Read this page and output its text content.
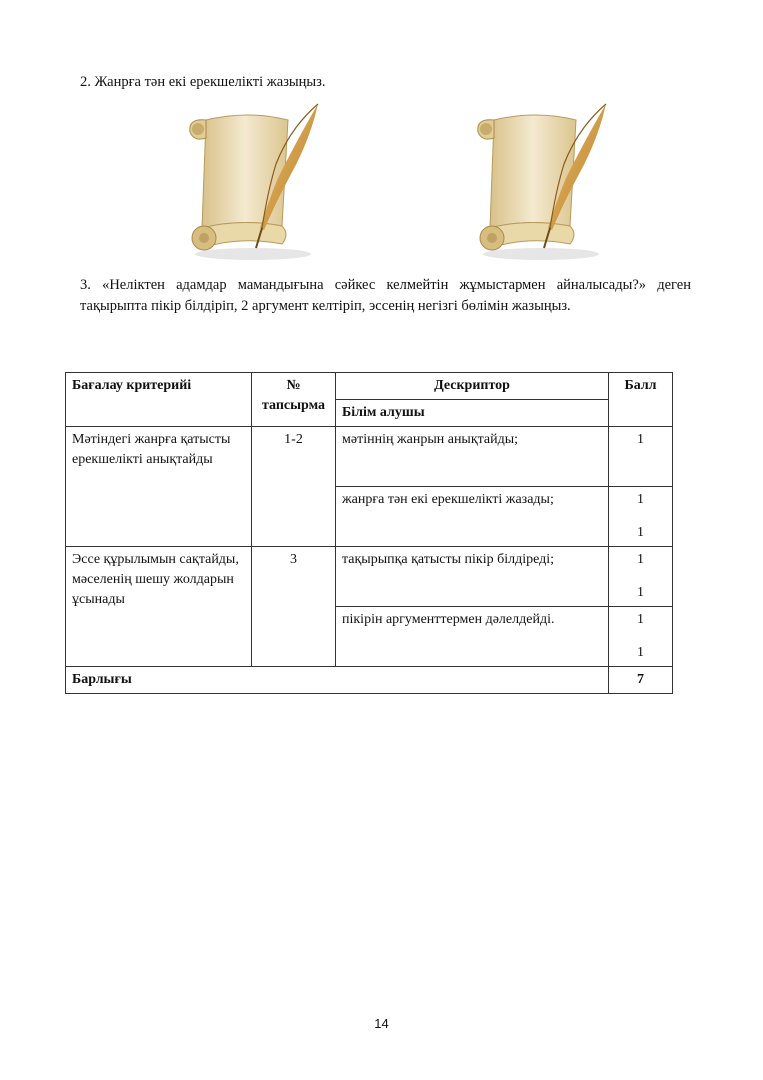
2. Жанрға тән екі ерекшелікті жазыңыз.
3. «Неліктен адамдар мамандығына сәйкес келмейтін жұмыстармен айналысады?» деген тақырыпта пікір білдіріп, 2 аргумент келтіріп, эссенің негізгі бөлімін жазыңыз.
Бағалау критерийі	№ тапсырма	Дескриптор	Балл
		Білім алушы	
Мәтіндегі жанрға қатысты ерекшелікті анықтайды	1-2	мәтіннің жанрын анықтайды;	1

		жанрға тән екі ерекшелікті жазады;	1
1

Эссе құрылымын сақтайды, мәселенің шешу жолдарын ұсынады	3	тақырыпқа қатысты пікір білдіреді;	1
1

		пікірін аргументтермен дәлелдейді.	1
1

Барлығы			7
14
